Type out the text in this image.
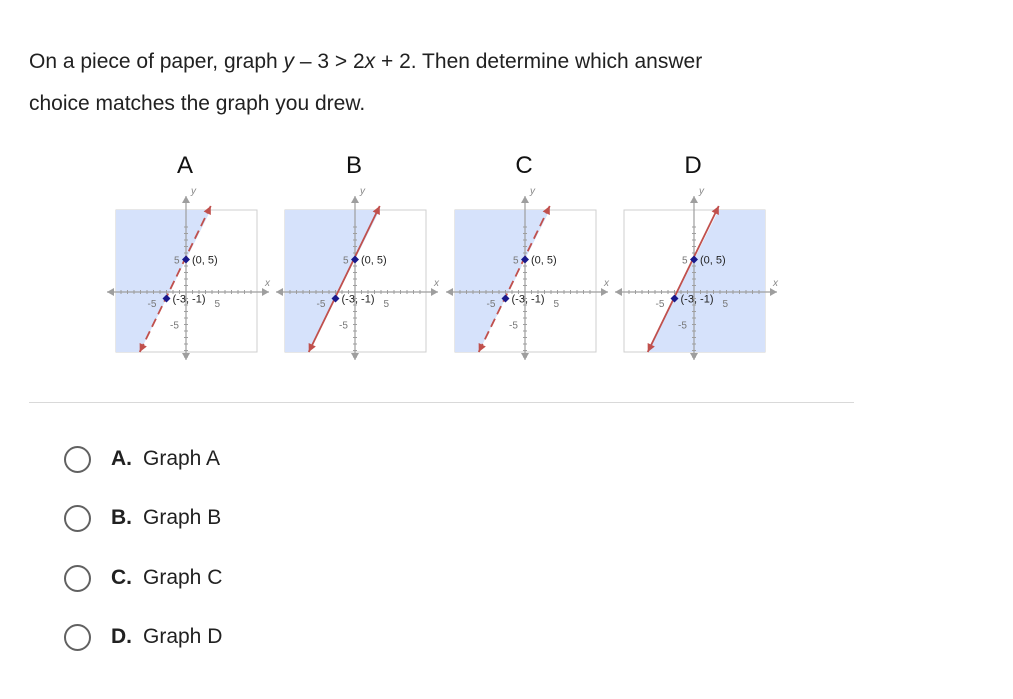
On a piece of paper, graph y – 3 > 2x + 2. Then determine which answer
choice matches the graph you drew.
A
(0, 5)
(-3, -1) 5
-5
5
-5
x
y
B
(0, 5)
(-3, -1) 5
-5
5
-5
x
y
C
(0, 5)
(-3, -1) 5
-5
5
-5
x
y
D
(0, 5)
(-3, -1) 5
-5
5
-5
x
y
A. Graph A
B. Graph B
C. Graph C
D. Graph D
